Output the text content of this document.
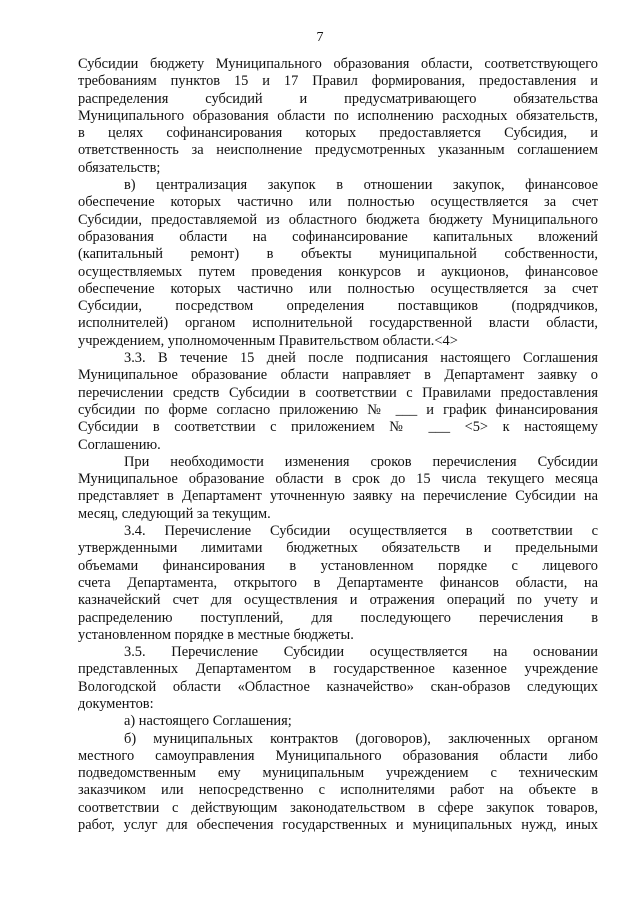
7
Субсидии бюджету Муниципального образования области, соответствующего
требованиям пунктов 15 и 17 Правил формирования, предоставления и
распределения субсидий и предусматривающего обязательства
Муниципального образования области по исполнению расходных обязательств,
в целях софинансирования которых предоставляется Субсидия, и
ответственность за неисполнение предусмотренных указанным соглашением
обязательств;
в) централизация закупок в отношении закупок, финансовое
обеспечение которых частично или полностью осуществляется за счет
Субсидии, предоставляемой из областного бюджета бюджету Муниципального
образования области на софинансирование капитальных вложений
(капитальный ремонт) в объекты муниципальной собственности,
осуществляемых путем проведения конкурсов и аукционов, финансовое
обеспечение которых частично или полностью осуществляется за счет
Субсидии, посредством определения поставщиков (подрядчиков,
исполнителей) органом исполнительной государственной власти области,
учреждением, уполномоченным Правительством области.<4>
3.3. В течение 15 дней после подписания настоящего Соглашения
Муниципальное образование области направляет в Департамент заявку о
перечислении средств Субсидии в соответствии с Правилами предоставления
субсидии по форме согласно приложению № ___ и график финансирования
Субсидии в соответствии с приложением № ___ <5> к настоящему
Соглашению.
При необходимости изменения сроков перечисления Субсидии
Муниципальное образование области в срок до 15 числа текущего месяца
представляет в Департамент уточненную заявку на перечисление Субсидии на
месяц, следующий за текущим.
3.4. Перечисление Субсидии осуществляется в соответствии с
утвержденными лимитами бюджетных обязательств и предельными
объемами финансирования в установленном порядке с лицевого
счета Департамента, открытого в Департаменте финансов области, на
казначейский счет для осуществления и отражения операций по учету и
распределению поступлений, для последующего перечисления в
установленном порядке в местные бюджеты.
3.5. Перечисление Субсидии осуществляется на основании
представленных Департаментом в государственное казенное учреждение
Вологодской области «Областное казначейство» скан-образов следующих
документов:
а) настоящего Соглашения;
б) муниципальных контрактов (договоров), заключенных органом
местного самоуправления Муниципального образования области либо
подведомственным ему муниципальным учреждением с техническим
заказчиком или непосредственно с исполнителями работ на объекте в
соответствии с действующим законодательством в сфере закупок товаров,
работ, услуг для обеспечения государственных и муниципальных нужд, иных
